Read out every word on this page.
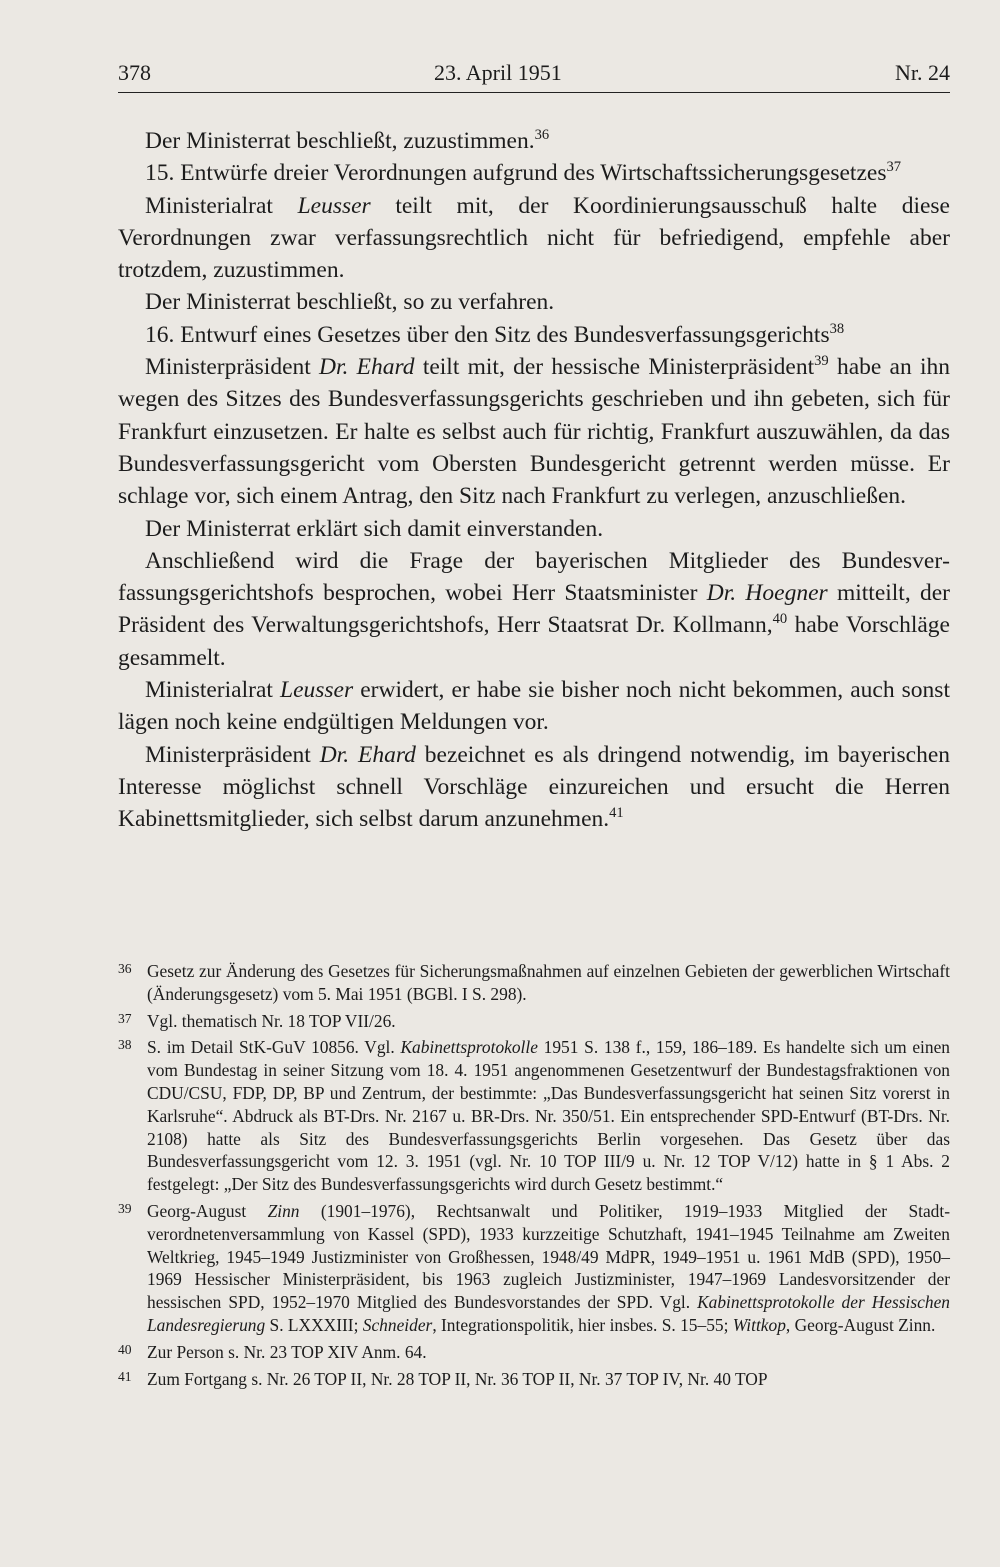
378	23. April 1951	Nr. 24

Der Ministerrat beschließt, zuzustimmen.$^{36}$

15. Entwürfe dreier Verordnungen aufgrund des Wirtschaftssicherungsgesetzes$^{37}$

Ministerialrat Leusser teilt mit, der Koordinierungsausschuß halte diese Verordnungen zwar verfassungsrechtlich nicht für befriedigend, empfehle aber trotzdem, zuzustimmen.

Der Ministerrat beschließt, so zu verfahren.

16. Entwurf eines Gesetzes über den Sitz des Bundesverfassungsgerichts$^{38}$

Ministerpräsident Dr. Ehard teilt mit, der hessische Ministerpräsident$^{39}$ habe an ihn wegen des Sitzes des Bundesverfassungsgerichts geschrieben und ihn gebeten, sich für Frankfurt einzusetzen. Er halte es selbst auch für richtig, Frankfurt auszuwählen, da das Bundesverfassungsgericht vom Obersten Bundesgericht getrennt werden müsse. Er schlage vor, sich einem Antrag, den Sitz nach Frankfurt zu verlegen, anzuschließen.

Der Ministerrat erklärt sich damit einverstanden.

Anschließend wird die Frage der bayerischen Mitglieder des Bundesverfassungsgerichtshofs besprochen, wobei Herr Staatsminister Dr. Hoegner mitteilt, der Präsident des Verwaltungsgerichtshofs, Herr Staatsrat Dr. Kollmann,$^{40}$ habe Vorschläge gesammelt.

Ministerialrat Leusser erwidert, er habe sie bisher noch nicht bekommen, auch sonst lägen noch keine endgültigen Meldungen vor.

Ministerpräsident Dr. Ehard bezeichnet es als dringend notwendig, im bayerischen Interesse möglichst schnell Vorschläge einzureichen und ersucht die Herren Kabinettsmitglieder, sich selbst darum anzunehmen.$^{41}$

36 Gesetz zur Änderung des Gesetzes für Sicherungsmaßnahmen auf einzelnen Gebieten der gewerblichen Wirtschaft (Änderungsgesetz) vom 5. Mai 1951 (BGBl. I S. 298).
37 Vgl. thematisch Nr. 18 TOP VII/26.
38 S. im Detail StK-GuV 10856. Vgl. Kabinettsprotokolle 1951 S. 138 f., 159, 186–189. Es handelte sich um einen vom Bundestag in seiner Sitzung vom 18. 4. 1951 angenommenen Gesetzentwurf der Bundestagsfraktionen von CDU/CSU, FDP, DP, BP und Zentrum, der bestimmte: „Das Bundesverfassungsgericht hat seinen Sitz vorerst in Karlsruhe“. Abdruck als BT-Drs. Nr. 2167 u. BR-Drs. Nr. 350/51. Ein entsprechender SPD-Entwurf (BT-Drs. Nr. 2108) hatte als Sitz des Bundesverfassungsgerichts Berlin vorgesehen. Das Gesetz über das Bundesverfassungsgericht vom 12. 3. 1951 (vgl. Nr. 10 TOP III/9 u. Nr. 12 TOP V/12) hatte in § 1 Abs. 2 festgelegt: „Der Sitz des Bundesverfassungsgerichts wird durch Gesetz bestimmt.“
39 Georg-August Zinn (1901–1976), Rechtsanwalt und Politiker, 1919–1933 Mitglied der Stadtverordnetenversammlung von Kassel (SPD), 1933 kurzzeitige Schutzhaft, 1941–1945 Teilnahme am Zweiten Weltkrieg, 1945–1949 Justizminister von Großhessen, 1948/49 MdPR, 1949–1951 u. 1961 MdB (SPD), 1950–1969 Hessischer Ministerpräsident, bis 1963 zugleich Justizminister, 1947–1969 Landesvorsitzender der hessischen SPD, 1952–1970 Mitglied des Bundesvorstandes der SPD. Vgl. Kabinettsprotokolle der Hessischen Landesregierung S. LXXXIII; Schneider, Integrationspolitik, hier insbes. S. 15–55; Wittkop, Georg-August Zinn.
40 Zur Person s. Nr. 23 TOP XIV Anm. 64.
41 Zum Fortgang s. Nr. 26 TOP II, Nr. 28 TOP II, Nr. 36 TOP II, Nr. 37 TOP IV, Nr. 40 TOP
